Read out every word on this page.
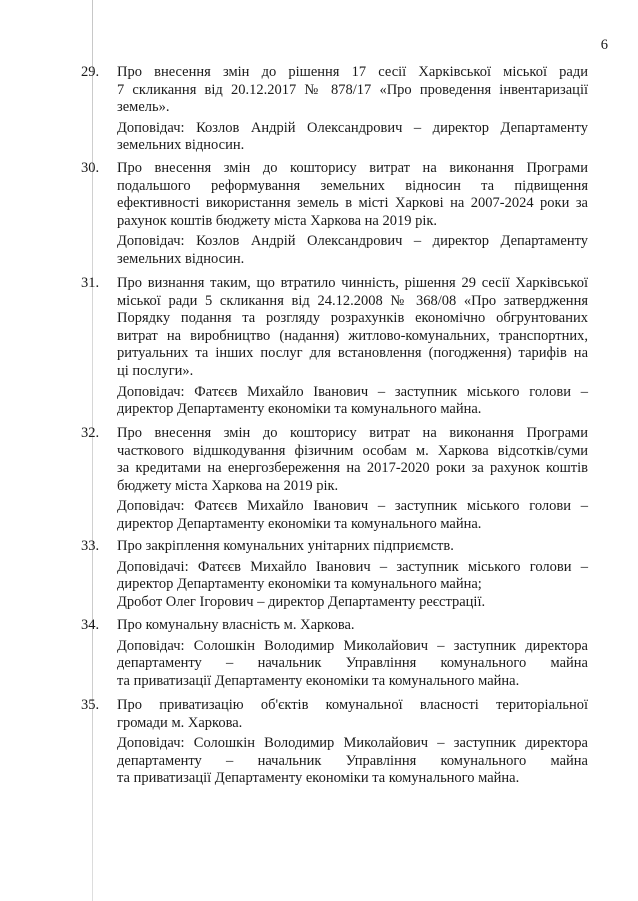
6
29. Про внесення змін до рішення 17 сесії Харківської міської ради
7 скликання від 20.12.2017 № 878/17 «Про проведення інвентаризації
земель».
Доповідач: Козлов Андрій Олександрович – директор Департаменту
земельних відносин.
30. Про внесення змін до кошторису витрат на виконання Програми
подальшого реформування земельних відносин та підвищення
ефективності використання земель в місті Харкові на 2007-2024 роки за
рахунок коштів бюджету міста Харкова на 2019 рік.
Доповідач: Козлов Андрій Олександрович – директор Департаменту
земельних відносин.
31. Про визнання таким, що втратило чинність, рішення 29 сесії Харківської
міської ради 5 скликання від 24.12.2008 № 368/08 «Про затвердження
Порядку подання та розгляду розрахунків економічно обгрунтованих
витрат на виробництво (надання) житлово-комунальних, транспортних,
ритуальних та інших послуг для встановлення (погодження) тарифів на
ці послуги».
Доповідач: Фатєєв Михайло Іванович – заступник міського голови –
директор Департаменту економіки та комунального майна.
32. Про внесення змін до кошторису витрат на виконання Програми
часткового відшкодування фізичним особам м. Харкова відсотків/суми
за кредитами на енергозбереження на 2017-2020 роки за рахунок коштів
бюджету міста Харкова на 2019 рік.
Доповідач: Фатєєв Михайло Іванович – заступник міського голови –
директор Департаменту економіки та комунального майна.
33. Про закріплення комунальних унітарних підприємств.
Доповідачі: Фатєєв Михайло Іванович – заступник міського голови –
директор Департаменту економіки та комунального майна;
Дробот Олег Ігорович – директор Департаменту реєстрації.
34. Про комунальну власність м. Харкова.
Доповідач: Солошкін Володимир Миколайович – заступник директора
департаменту – начальник Управління комунального майна
та приватизації Департаменту економіки та комунального майна.
35. Про приватизацію об'єктів комунальної власності територіальної
громади м. Харкова.
Доповідач: Солошкін Володимир Миколайович – заступник директора
департаменту – начальник Управління комунального майна
та приватизації Департаменту економіки та комунального майна.
